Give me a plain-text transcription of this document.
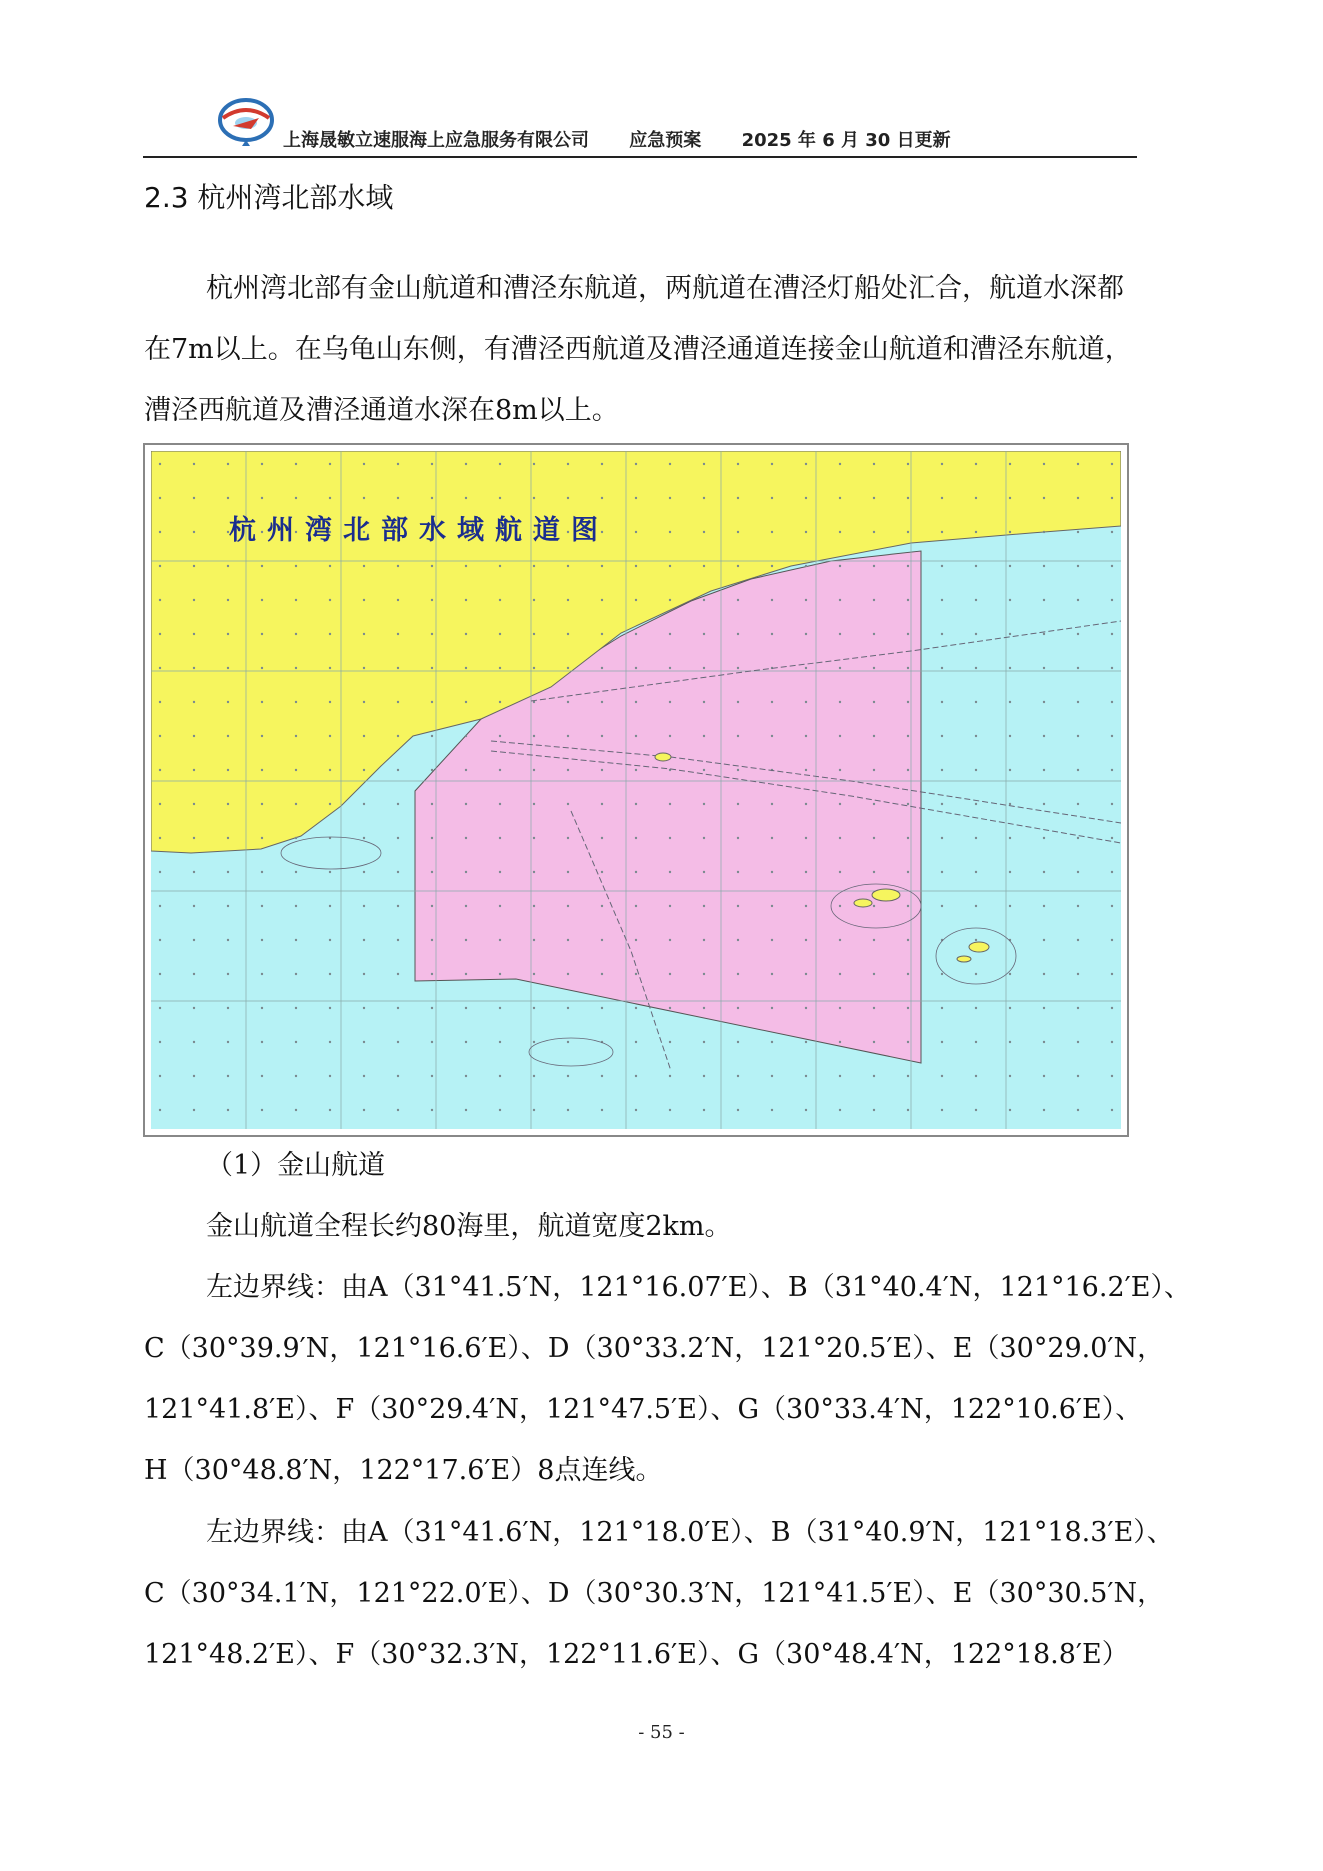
上海晟敏立速服海上应急服务有限公司 应急预案 2025 年 6 月 30 日更新
2.3 杭州湾北部水域

杭州湾北部有金山航道和漕泾东航道，两航道在漕泾灯船处汇合，航道水深都在7m以上。在乌龟山东侧，有漕泾西航道及漕泾通道连接金山航道和漕泾东航道，漕泾西航道及漕泾通道水深在8m以上。

杭州湾北部水域航道图
（1）金山航道
金山航道全程长约80海里，航道宽度2km。
左边界线：由A（31°41.5′N，121°16.07′E）、B（31°40.4′N，121°16.2′E）、
C（30°39.9′N，121°16.6′E）、D（30°33.2′N，121°20.5′E）、E（30°29.0′N，
121°41.8′E）、F（30°29.4′N，121°47.5′E）、G（30°33.4′N，122°10.6′E）、
H（30°48.8′N，122°17.6′E）8点连线。
左边界线：由A（31°41.6′N，121°18.0′E）、B（31°40.9′N，121°18.3′E）、
C（30°34.1′N，121°22.0′E）、D（30°30.3′N，121°41.5′E）、E（30°30.5′N，
121°48.2′E）、F（30°32.3′N，122°11.6′E）、G（30°48.4′N，122°18.8′E）
- 55 -
